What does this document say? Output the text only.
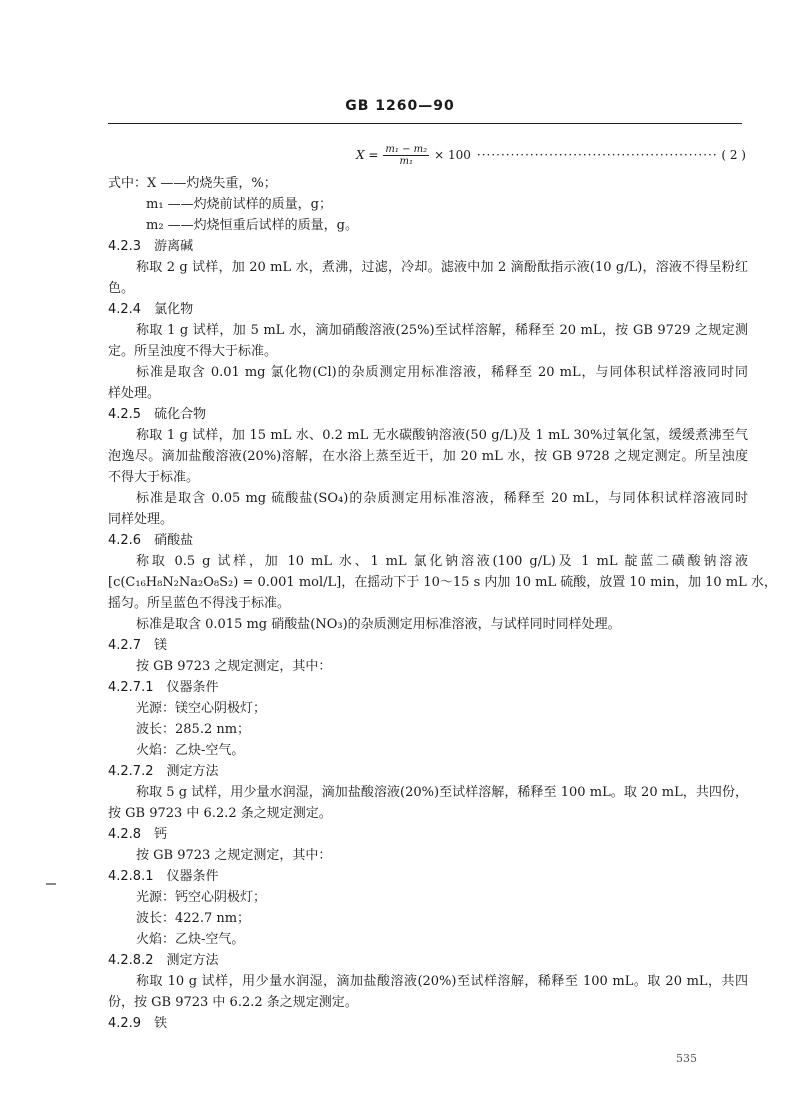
GB 1260—90
$X = \frac{\text{m₁ − m₂}}{\text{m₁}} \times 100$ ·················································· ( 2 )
式中：X ——灼烧失重，%；
m₁ ——灼烧前试样的质量，g；
m₂ ——灼烧恒重后试样的质量，g。
4.2.3　游离碱
称取 2 g 试样，加 20 mL 水，煮沸，过滤，冷却。滤液中加 2 滴酚酞指示液(10 g/L)，溶液不得呈粉红
色。
4.2.4　氯化物
称取 1 g 试样，加 5 mL 水，滴加硝酸溶液(25%)至试样溶解，稀释至 20 mL，按 GB 9729 之规定测
定。所呈浊度不得大于标准。
标准是取含 0.01 mg 氯化物(Cl)的杂质测定用标准溶液，稀释至 20 mL，与同体积试样溶液同时同
样处理。
4.2.5　硫化合物
称取 1 g 试样，加 15 mL 水、0.2 mL 无水碳酸钠溶液(50 g/L)及 1 mL 30%过氧化氢，缓缓煮沸至气
泡逸尽。滴加盐酸溶液(20%)溶解，在水浴上蒸至近干，加 20 mL 水，按 GB 9728 之规定测定。所呈浊度
不得大于标准。
标准是取含 0.05 mg 硫酸盐(SO₄)的杂质测定用标准溶液，稀释至 20 mL，与同体积试样溶液同时
同样处理。
4.2.6　硝酸盐
称取 0.5 g 试样，加 10 mL 水、1 mL 氯化钠溶液(100 g/L)及 1 mL 靛蓝二磺酸钠溶液
[c(C₁₆H₈N₂Na₂O₈S₂) = 0.001 mol/L]，在摇动下于 10～15 s 内加 10 mL 硫酸，放置 10 min，加 10 mL 水，
摇匀。所呈蓝色不得浅于标准。
标准是取含 0.015 mg 硝酸盐(NO₃)的杂质测定用标准溶液，与试样同时同样处理。
4.2.7　镁
按 GB 9723 之规定测定，其中：
4.2.7.1　仪器条件
光源：镁空心阴极灯；
波长：285.2 nm；
火焰：乙炔-空气。
4.2.7.2　测定方法
称取 5 g 试样，用少量水润湿，滴加盐酸溶液(20%)至试样溶解，稀释至 100 mL。取 20 mL，共四份，
按 GB 9723 中 6.2.2 条之规定测定。
4.2.8　钙
按 GB 9723 之规定测定，其中：
4.2.8.1　仪器条件
光源：钙空心阴极灯；
波长：422.7 nm；
火焰：乙炔-空气。
4.2.8.2　测定方法
称取 10 g 试样，用少量水润湿，滴加盐酸溶液(20%)至试样溶解，稀释至 100 mL。取 20 mL，共四
份，按 GB 9723 中 6.2.2 条之规定测定。
4.2.9　铁
535
